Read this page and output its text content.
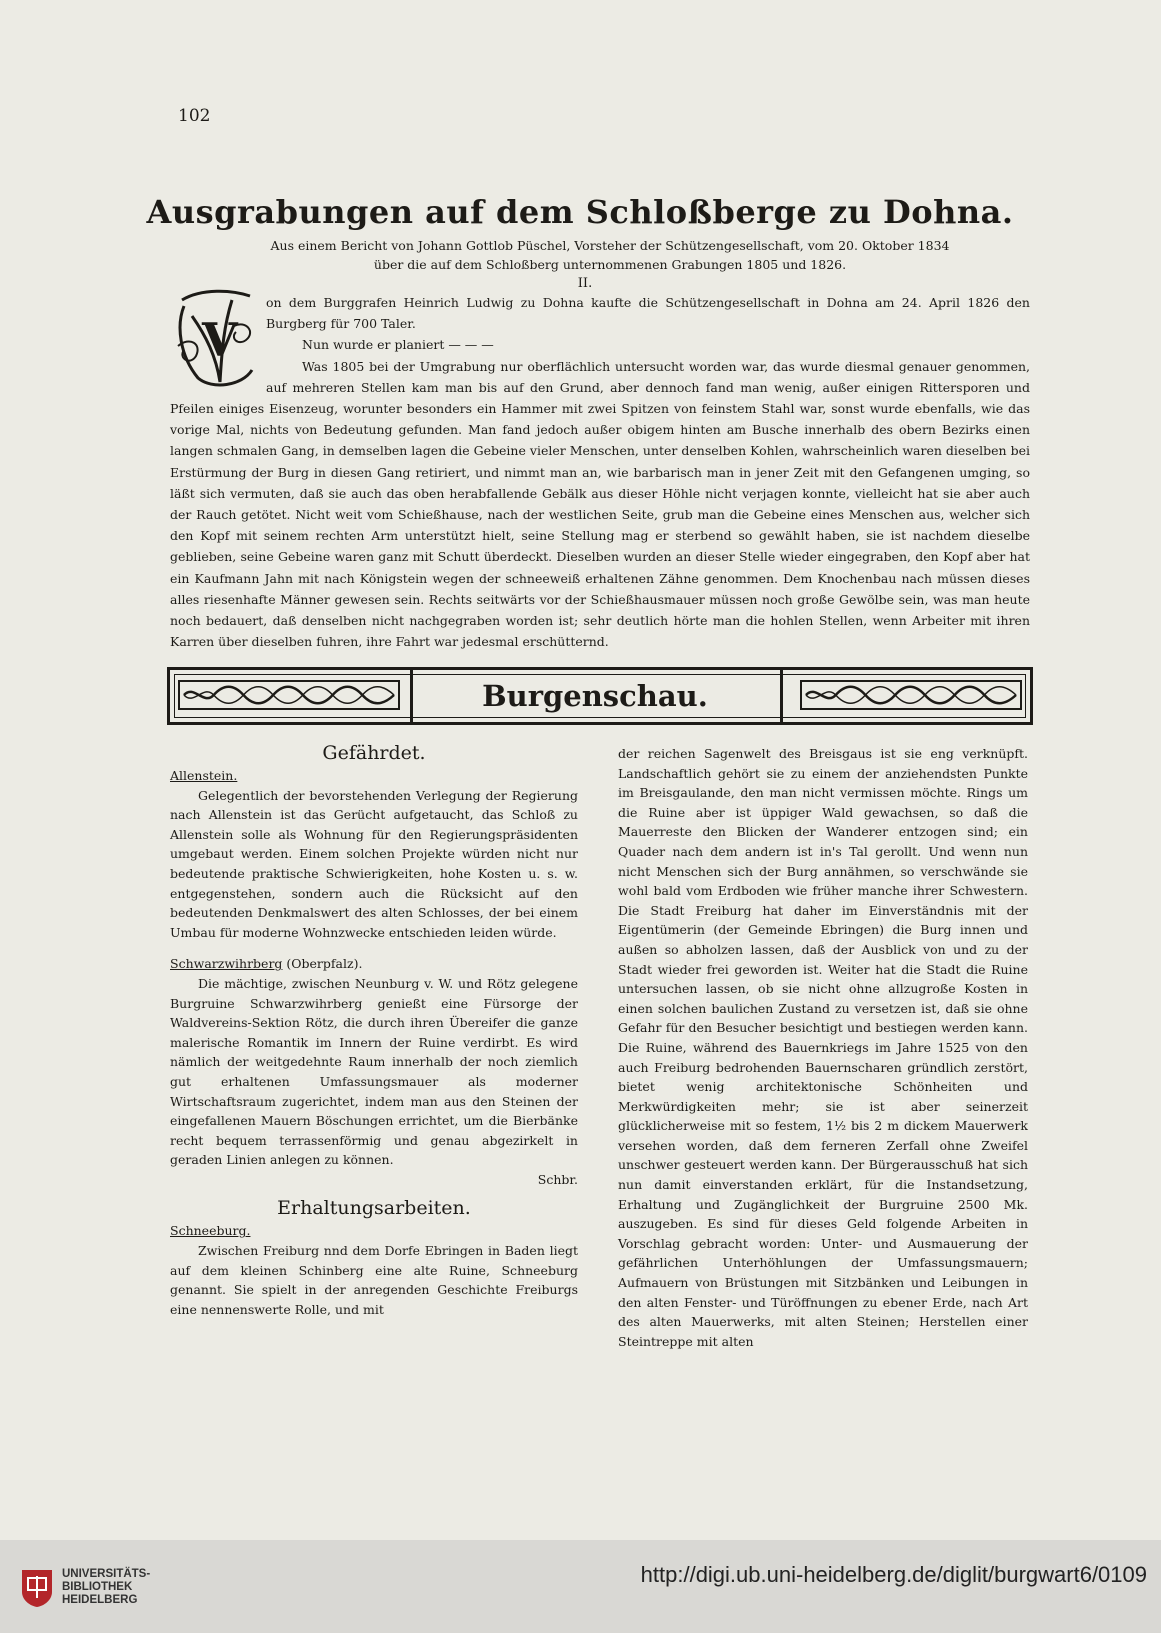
102
Ausgrabungen auf dem Schloßberge zu Dohna.
Aus einem Bericht von Johann Gottlob Püschel, Vorsteher der Schützengesellschaft, vom 20. Oktober 1834
über die auf dem Schloßberg unternommenen Grabungen 1805 und 1826.
II.

on dem Burggrafen Heinrich Ludwig zu Dohna kaufte die Schützengesellschaft in Dohna am 24. April 1826 den Burgberg für 700 Taler.

Nun wurde er planiert — — —

Was 1805 bei der Umgrabung nur oberflächlich untersucht worden war, das wurde diesmal genauer genommen, auf mehreren Stellen kam man bis auf den Grund, aber dennoch fand man wenig, außer einigen Rittersporen und Pfeilen einiges Eisenzeug, worunter besonders ein Hammer mit zwei Spitzen von feinstem Stahl war, sonst wurde ebenfalls, wie das vorige Mal, nichts von Bedeutung gefunden. Man fand jedoch außer obigem hinten am Busche innerhalb des obern Bezirks einen langen schmalen Gang, in demselben lagen die Gebeine vieler Menschen, unter denselben Kohlen, wahrscheinlich waren dieselben bei Erstürmung der Burg in diesen Gang retiriert, und nimmt man an, wie barbarisch man in jener Zeit mit den Gefangenen umging, so läßt sich vermuten, daß sie auch das oben herabfallende Gebälk aus dieser Höhle nicht verjagen konnte, vielleicht hat sie aber auch der Rauch getötet. Nicht weit vom Schießhause, nach der westlichen Seite, grub man die Gebeine eines Menschen aus, welcher sich den Kopf mit seinem rechten Arm unterstützt hielt, seine Stellung mag er sterbend so gewählt haben, sie ist nachdem dieselbe geblieben, seine Gebeine waren ganz mit Schutt überdeckt. Dieselben wurden an dieser Stelle wieder eingegraben, den Kopf aber hat ein Kaufmann Jahn mit nach Königstein wegen der schneeweiß erhaltenen Zähne genommen. Dem Knochenbau nach müssen dieses alles riesenhafte Männer gewesen sein. Rechts seitwärts vor der Schießhausmauer müssen noch große Gewölbe sein, was man heute noch bedauert, daß denselben nicht nachgegraben worden ist; sehr deutlich hörte man die hohlen Stellen, wenn Arbeiter mit ihren Karren über dieselben fuhren, ihre Fahrt war jedesmal erschütternd.

V
Burgenschau.
Gefährdet.
Allenstein.

Gelegentlich der bevorstehenden Verlegung der Regierung nach Allenstein ist das Gerücht aufgetaucht, das Schloß zu Allenstein solle als Wohnung für den Regierungspräsidenten umgebaut werden. Einem solchen Projekte würden nicht nur bedeutende praktische Schwierigkeiten, hohe Kosten u. s. w. entgegenstehen, sondern auch die Rücksicht auf den bedeutenden Denkmalswert des alten Schlosses, der bei einem Umbau für moderne Wohnzwecke entschieden leiden würde.

Schwarzwihrberg (Oberpfalz).

Die mächtige, zwischen Neunburg v. W. und Rötz gelegene Burgruine Schwarzwihrberg genießt eine Fürsorge der Waldvereins-Sektion Rötz, die durch ihren Übereifer die ganze malerische Romantik im Innern der Ruine verdirbt. Es wird nämlich der weitgedehnte Raum innerhalb der noch ziemlich gut erhaltenen Umfassungsmauer als moderner Wirtschaftsraum zugerichtet, indem man aus den Steinen der eingefallenen Mauern Böschungen errichtet, um die Bierbänke recht bequem terrassenförmig und genau abgezirkelt in geraden Linien anlegen zu können.

Schbr.
Erhaltungsarbeiten.
Schneeburg.

Zwischen Freiburg nnd dem Dorfe Ebringen in Baden liegt auf dem kleinen Schinberg eine alte Ruine, Schneeburg genannt. Sie spielt in der anregenden Geschichte Freiburgs eine nennenswerte Rolle, und mit

der reichen Sagenwelt des Breisgaus ist sie eng verknüpft. Landschaftlich gehört sie zu einem der anziehendsten Punkte im Breisgaulande, den man nicht vermissen möchte. Rings um die Ruine aber ist üppiger Wald gewachsen, so daß die Mauerreste den Blicken der Wanderer entzogen sind; ein Quader nach dem andern ist in's Tal gerollt. Und wenn nun nicht Menschen sich der Burg annähmen, so verschwände sie wohl bald vom Erdboden wie früher manche ihrer Schwestern. Die Stadt Freiburg hat daher im Einverständnis mit der Eigentümerin (der Gemeinde Ebringen) die Burg innen und außen so abholzen lassen, daß der Ausblick von und zu der Stadt wieder frei geworden ist. Weiter hat die Stadt die Ruine untersuchen lassen, ob sie nicht ohne allzugroße Kosten in einen solchen baulichen Zustand zu versetzen ist, daß sie ohne Gefahr für den Besucher besichtigt und bestiegen werden kann. Die Ruine, während des Bauernkriegs im Jahre 1525 von den auch Freiburg bedrohenden Bauernscharen gründlich zerstört, bietet wenig architektonische Schönheiten und Merkwürdigkeiten mehr; sie ist aber seinerzeit glücklicherweise mit so festem, 1½ bis 2 m dickem Mauerwerk versehen worden, daß dem ferneren Zerfall ohne Zweifel unschwer gesteuert werden kann. Der Bürgerausschuß hat sich nun damit einverstanden erklärt, für die Instandsetzung, Erhaltung und Zugänglichkeit der Burgruine 2500 Mk. auszugeben. Es sind für dieses Geld folgende Arbeiten in Vorschlag gebracht worden: Unter- und Ausmauerung der gefährlichen Unterhöhlungen der Umfassungsmauern; Aufmauern von Brüstungen mit Sitzbänken und Leibungen in den alten Fenster- und Türöffnungen zu ebener Erde, nach Art des alten Mauerwerks, mit alten Steinen; Herstellen einer Steintreppe mit alten

UNIVERSITÄTS-
BIBLIOTHEK
HEIDELBERG
http://digi.ub.uni-heidelberg.de/diglit/burgwart6/0109
